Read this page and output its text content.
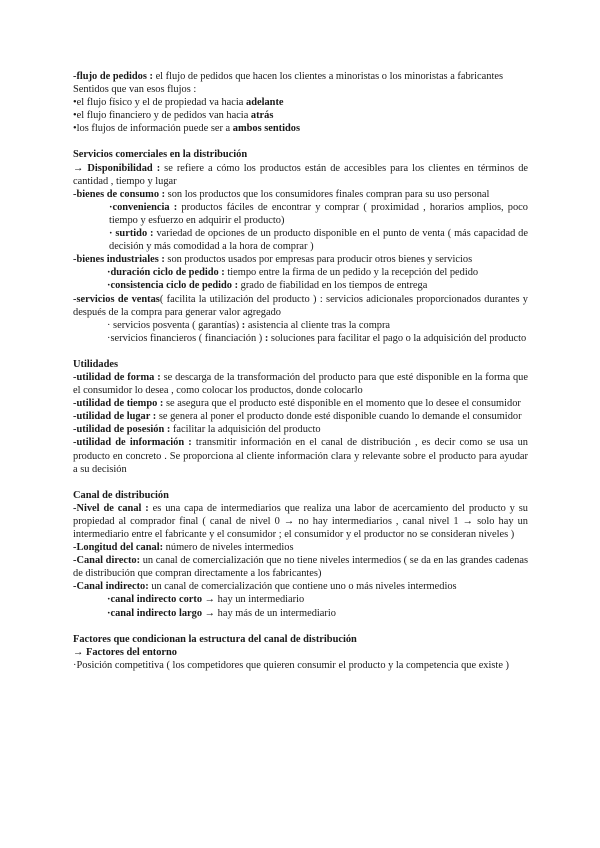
-flujo de pedidos : el flujo de pedidos que hacen los clientes a minoristas o los minoristas a fabricantes

Sentidos que van esos flujos :

•el flujo físico y el de propiedad va hacia adelante

•el flujo financiero y de pedidos van hacia atrás

•los flujos de información puede ser a ambos sentidos

Servicios comerciales en la distribución

→ Disponibilidad : se refiere a cómo los productos están de accesibles para los clientes en términos de cantidad , tiempo y lugar

-bienes de consumo : son los productos que los consumidores finales compran para su uso personal

·conveniencia : productos fáciles de encontrar y comprar ( proximidad , horarios amplios, poco tiempo y esfuerzo en adquirir el producto)

· surtido : variedad de opciones de un producto disponible en el punto de venta ( más capacidad de decisión y más comodidad a la hora de comprar )

-bienes industriales : son productos usados por empresas para producir otros bienes y servicios

·duración ciclo de pedido : tiempo entre la firma de un pedido y la recepción del pedido

·consistencia ciclo de pedido : grado de fiabilidad en los tiempos de entrega

-servicios de ventas( facilita la utilización del producto ) : servicios adicionales proporcionados durantes y después de la compra para generar valor agregado

· servicios posventa ( garantías) : asistencia al cliente tras la compra

·servicios financieros ( financiación ) : soluciones para facilitar el pago o la adquisición del producto

Utilidades

-utilidad de forma : se descarga de la transformación del producto para que esté disponible en la forma que el consumidor lo desea , como colocar los productos, donde colocarlo

-utilidad de tiempo : se asegura que el producto esté disponible en el momento que lo desee el consumidor

-utilidad de lugar : se genera al poner el producto donde esté disponible cuando lo demande el consumidor

-utilidad de posesión : facilitar la adquisición del producto

-utilidad de información : transmitir información en el canal de distribución , es decir como se usa un producto en concreto . Se proporciona al cliente información clara y relevante sobre el producto para ayudar a su decisión

Canal de distribución

-Nivel de canal : es una capa de intermediarios que realiza una labor de acercamiento del producto y su propiedad al comprador final ( canal de nivel 0 → no hay intermediarios , canal nivel 1 → solo hay un intermediario entre el fabricante y el consumidor ; el consumidor y el productor no se consideran niveles )

-Longitud del canal: número de niveles intermedios

-Canal directo: un canal de comercialización que no tiene niveles intermedios ( se da en las grandes cadenas de distribución que compran directamente a los fabricantes)

-Canal indirecto: un canal de comercialización que contiene uno o más niveles intermedios

·canal indirecto corto → hay un intermediario

·canal indirecto largo → hay más de un intermediario

Factores que condicionan la estructura del canal de distribución

→ Factores del entorno

·Posición competitiva ( los competidores que quieren consumir el producto y la competencia que existe )
